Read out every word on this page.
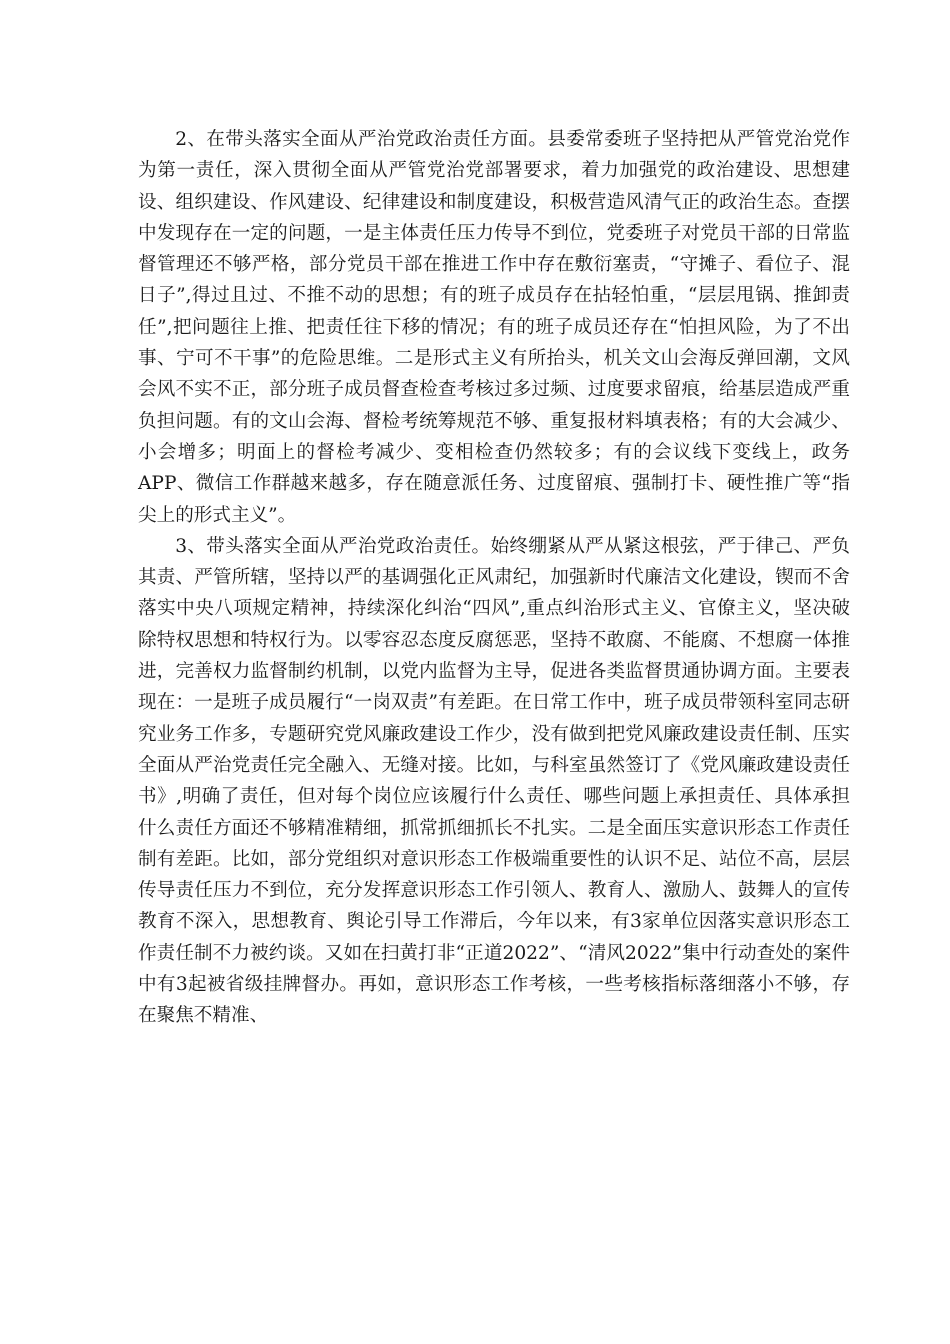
2、在带头落实全面从严治党政治责任方面。县委常委班子坚持把从严管党治党作为第一责任，深入贯彻全面从严管党治党部署要求，着力加强党的政治建设、思想建设、组织建设、作风建设、纪律建设和制度建设，积极营造风清气正的政治生态。查摆中发现存在一定的问题，一是主体责任压力传导不到位，党委班子对党员干部的日常监督管理还不够严格，部分党员干部在推进工作中存在敷衍塞责，“守摊子、看位子、混日子”,得过且过、不推不动的思想；有的班子成员存在拈轻怕重，“层层甩锅、推卸责任”,把问题往上推、把责任往下移的情况；有的班子成员还存在“怕担风险，为了不出事、宁可不干事”的危险思维。二是形式主义有所抬头，机关文山会海反弹回潮，文风会风不实不正，部分班子成员督查检查考核过多过频、过度要求留痕，给基层造成严重负担问题。有的文山会海、督检考统筹规范不够、重复报材料填表格；有的大会减少、小会增多；明面上的督检考减少、变相检查仍然较多；有的会议线下变线上，政务APP、微信工作群越来越多，存在随意派任务、过度留痕、强制打卡、硬性推广等“指尖上的形式主义”。

3、带头落实全面从严治党政治责任。始终绷紧从严从紧这根弦，严于律己、严负其责、严管所辖，坚持以严的基调强化正风肃纪，加强新时代廉洁文化建设，锲而不舍落实中央八项规定精神，持续深化纠治“四风”,重点纠治形式主义、官僚主义，坚决破除特权思想和特权行为。以零容忍态度反腐惩恶，坚持不敢腐、不能腐、不想腐一体推进，完善权力监督制约机制，以党内监督为主导，促进各类监督贯通协调方面。主要表现在：一是班子成员履行“一岗双责”有差距。在日常工作中，班子成员带领科室同志研究业务工作多，专题研究党风廉政建设工作少，没有做到把党风廉政建设责任制、压实全面从严治党责任完全融入、无缝对接。比如，与科室虽然签订了《党风廉政建设责任书》,明确了责任，但对每个岗位应该履行什么责任、哪些问题上承担责任、具体承担什么责任方面还不够精准精细，抓常抓细抓长不扎实。二是全面压实意识形态工作责任制有差距。比如，部分党组织对意识形态工作极端重要性的认识不足、站位不高，层层传导责任压力不到位，充分发挥意识形态工作引领人、教育人、激励人、鼓舞人的宣传教育不深入，思想教育、舆论引导工作滞后，今年以来，有3家单位因落实意识形态工作责任制不力被约谈。又如在扫黄打非“正道2022”、“清风2022”集中行动查处的案件中有3起被省级挂牌督办。再如，意识形态工作考核，一些考核指标落细落小不够，存在聚焦不精准、
